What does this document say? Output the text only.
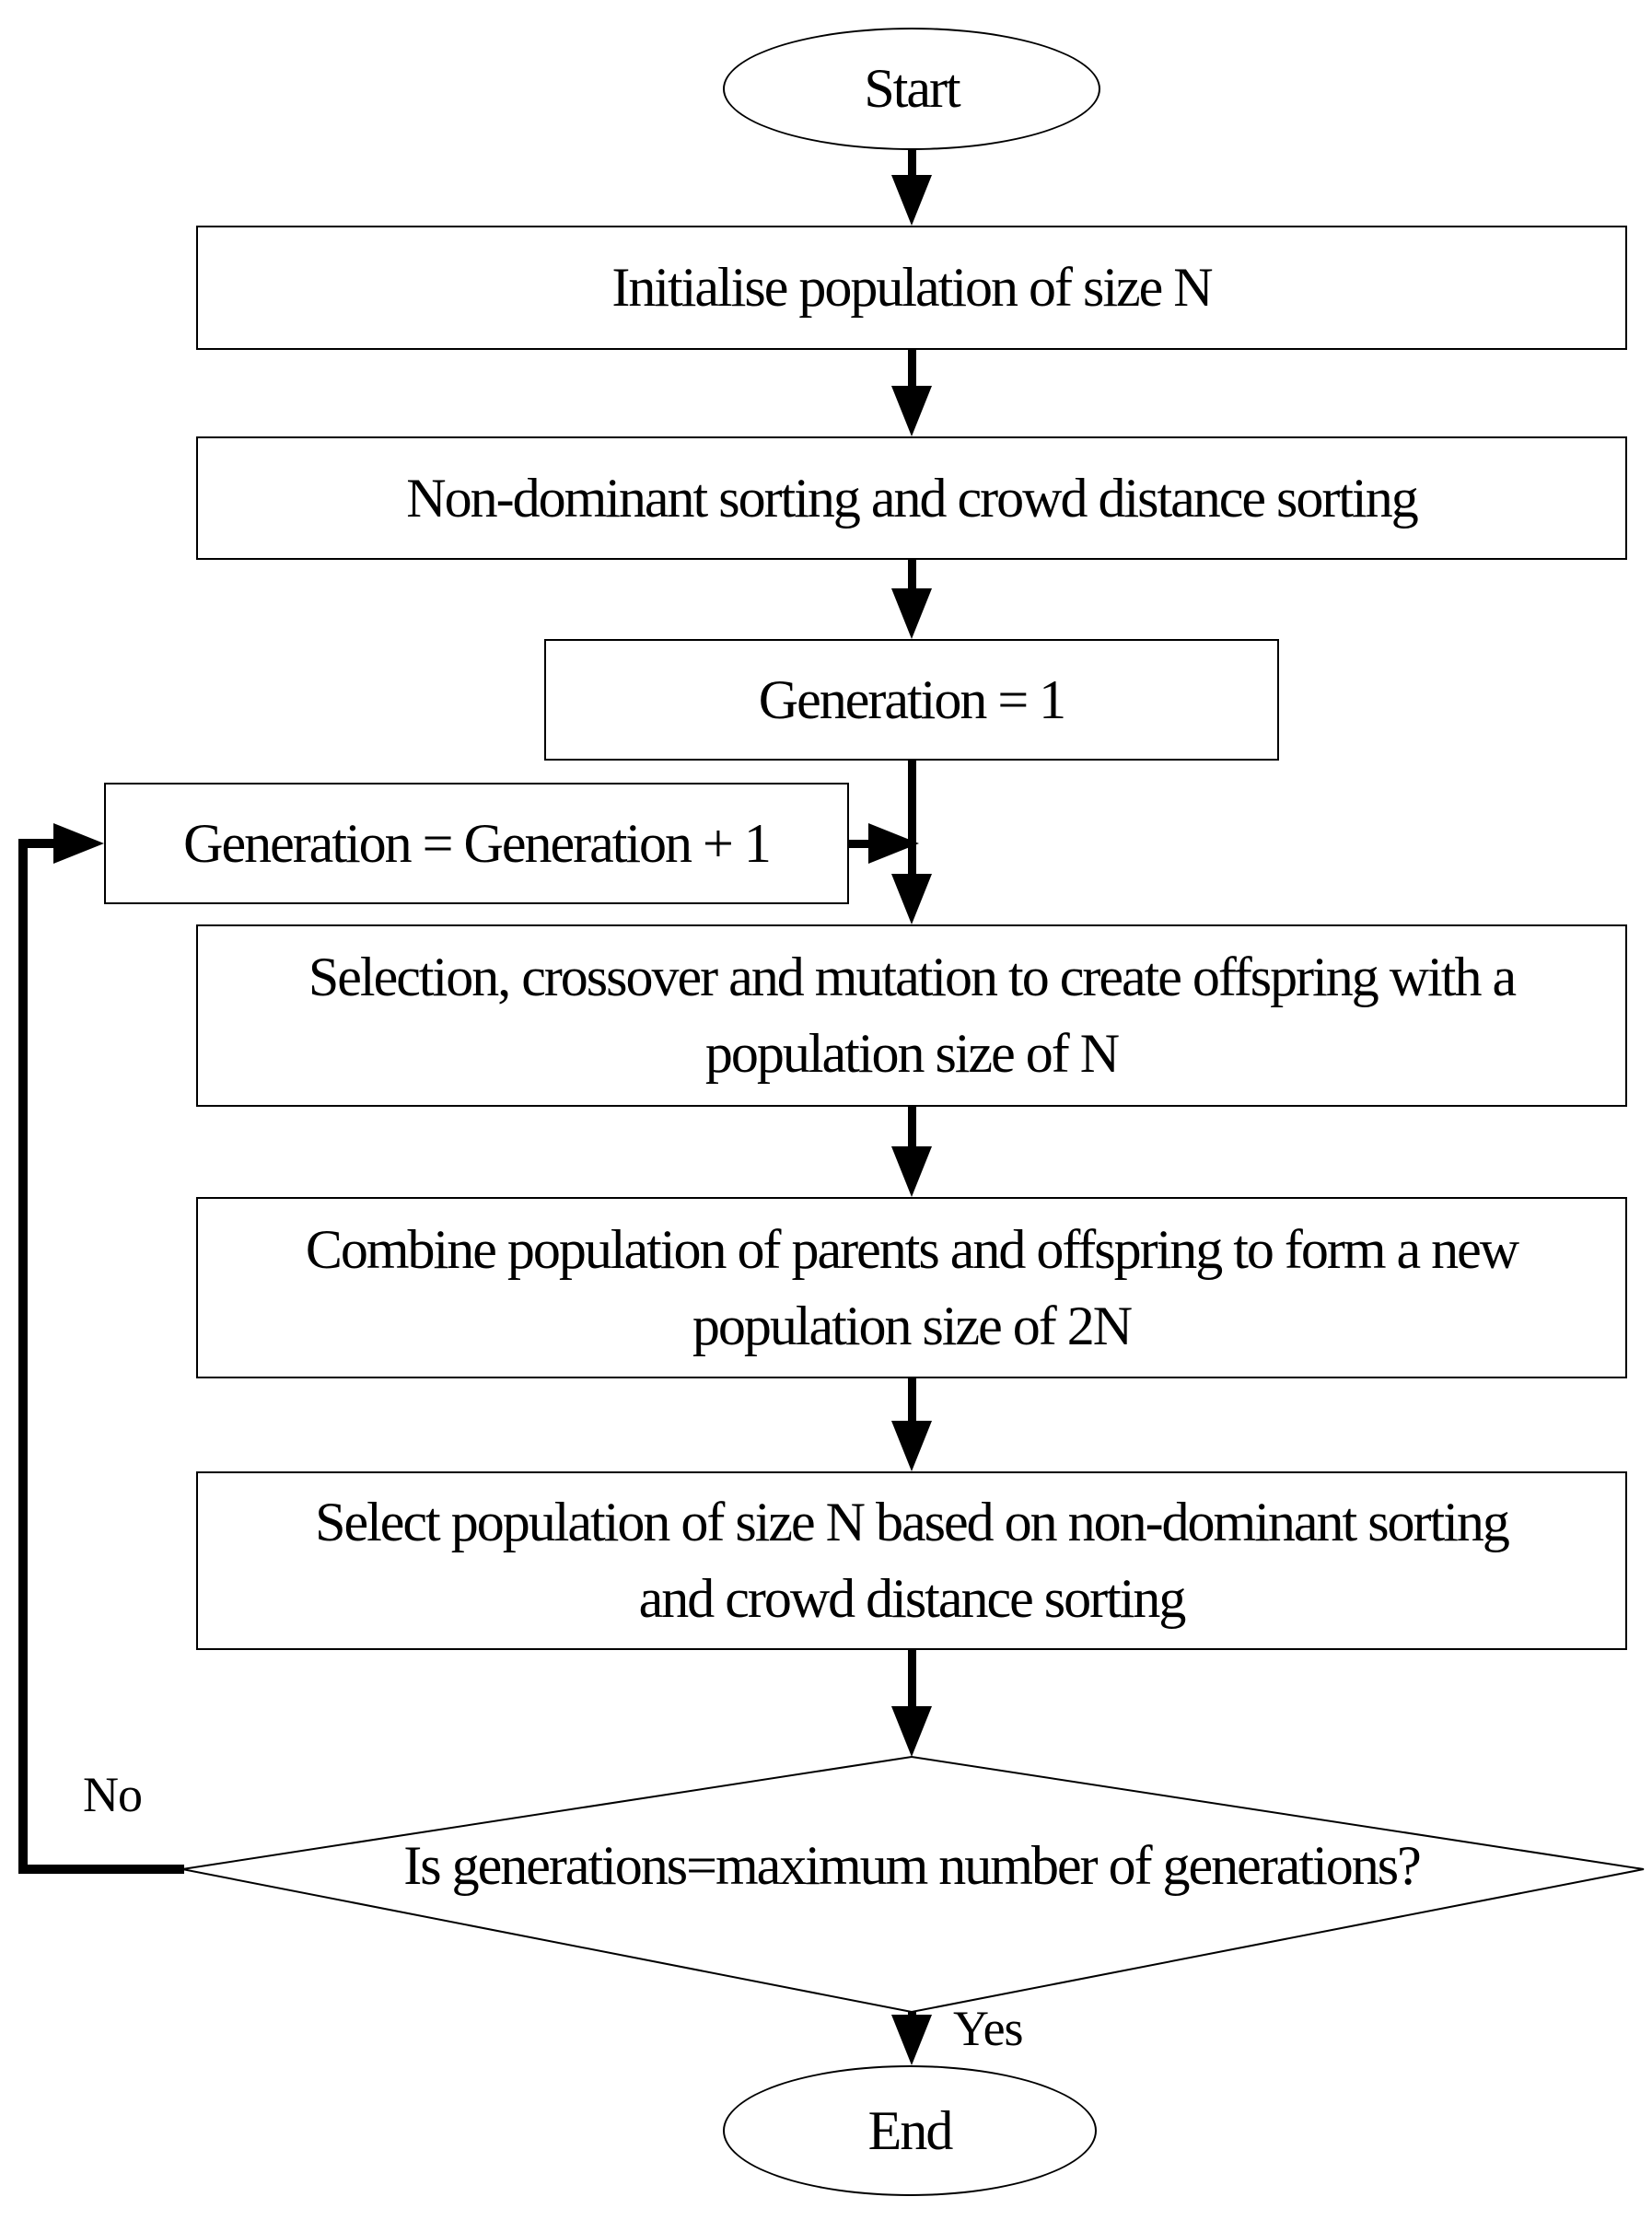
Start
Initialise population of size N
Non-dominant sorting and crowd distance sorting
Generation = 1
Generation = Generation + 1
Selection, crossover and mutation to create offspring with a
population size of N
Combine population of parents and offspring to form a new
population size of 2N
Select population of size N based on non-dominant sorting
and crowd distance sorting
Is generations=maximum number of generations?
No
Yes
End
